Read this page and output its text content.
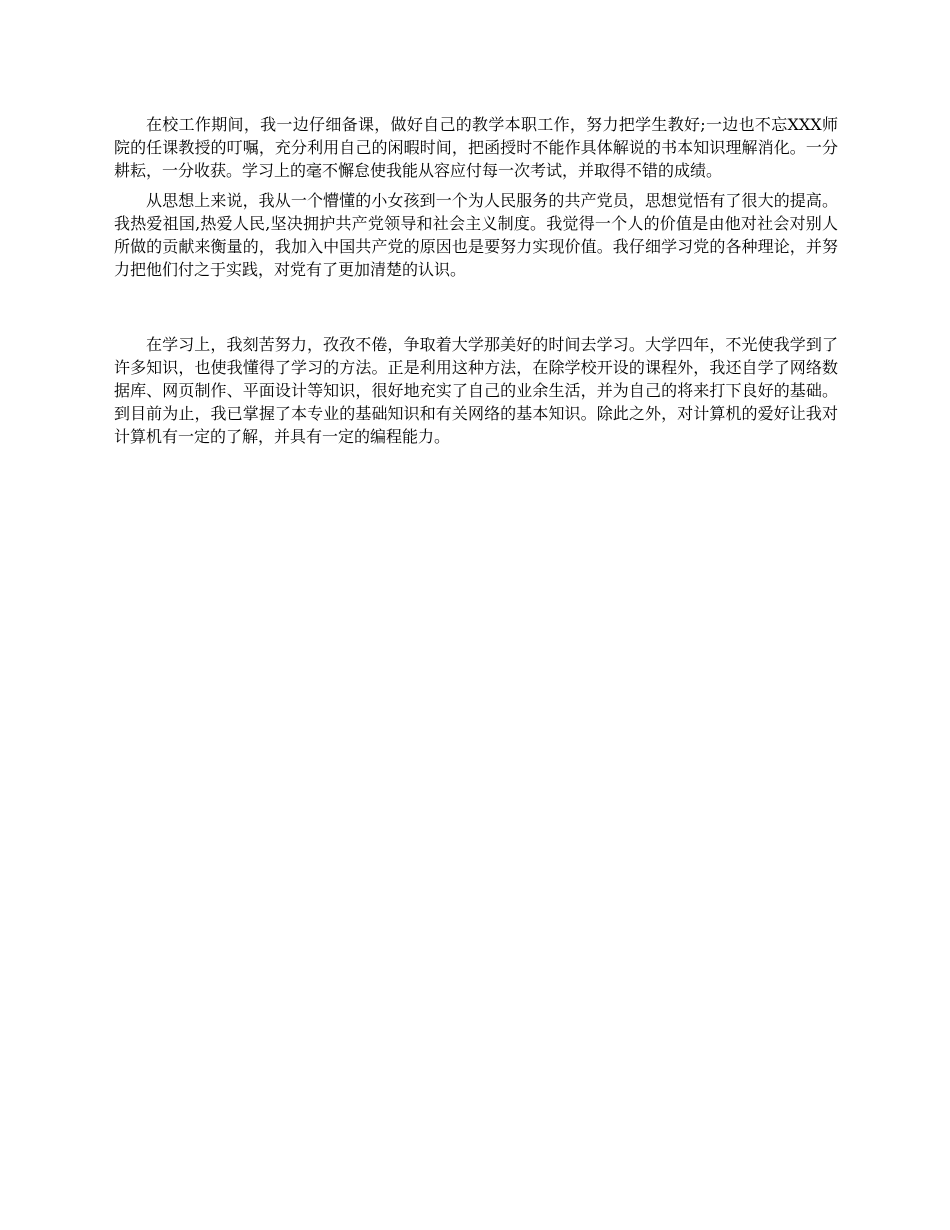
在校工作期间，我一边仔细备课，做好自己的教学本职工作，努力把学生教好;一边也不忘XXX师院的任课教授的叮嘱，充分利用自己的闲暇时间，把函授时不能作具体解说的书本知识理解消化。一分耕耘，一分收获。学习上的毫不懈怠使我能从容应付每一次考试，并取得不错的成绩。

从思想上来说，我从一个懵懂的小女孩到一个为人民服务的共产党员，思想觉悟有了很大的提高。我热爱祖国,热爱人民,坚决拥护共产党领导和社会主义制度。我觉得一个人的价值是由他对社会对别人所做的贡献来衡量的，我加入中国共产党的原因也是要努力实现价值。我仔细学习党的各种理论，并努力把他们付之于实践，对党有了更加清楚的认识。

在学习上，我刻苦努力，孜孜不倦，争取着大学那美好的时间去学习。大学四年，不光使我学到了许多知识，也使我懂得了学习的方法。正是利用这种方法，在除学校开设的课程外，我还自学了网络数据库、网页制作、平面设计等知识，很好地充实了自己的业余生活，并为自己的将来打下良好的基础。到目前为止，我已掌握了本专业的基础知识和有关网络的基本知识。除此之外，对计算机的爱好让我对计算机有一定的了解，并具有一定的编程能力。
